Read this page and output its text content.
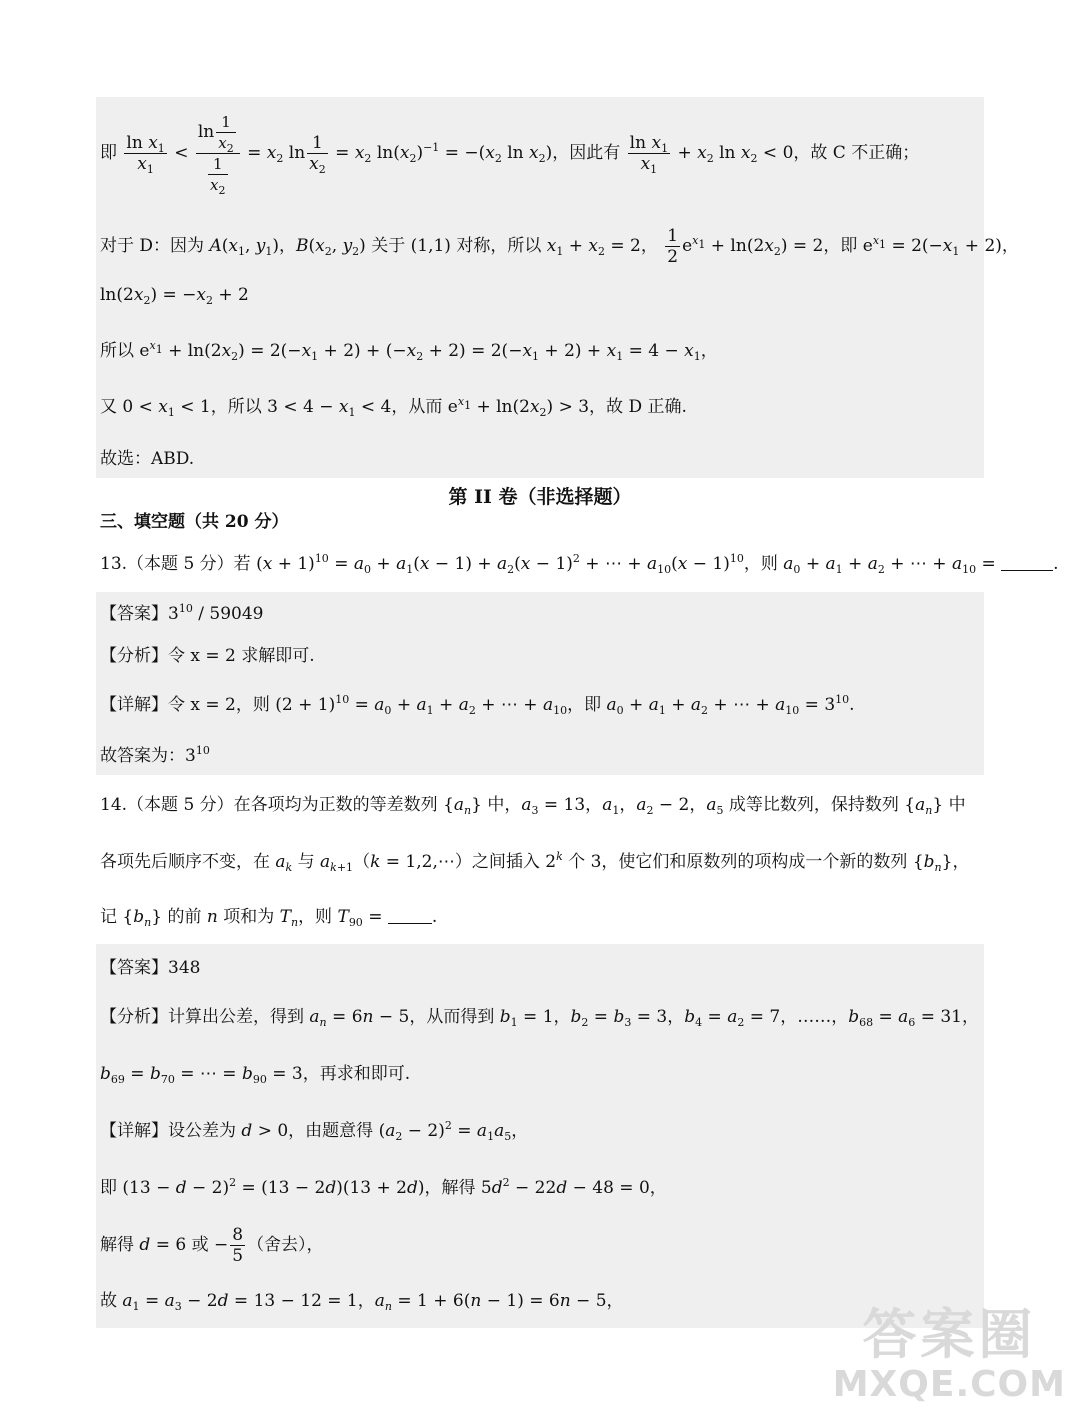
即 $\frac{\ln x_1}{x_1} < \frac{\ln \frac{1}{x_2}}{\frac{1}{x_2}} = x_2$ $\ln \frac{1}{x_2} = x_2$ $\ln(x_2)^{-1} = -(x_2$ $\ln x_2$)，因此有 $\frac{\ln x_1}{x_1} + x_2$ $\ln x_2 < 0$，故 C 不正确；
对于 D：因为 $A(x_1$, $y_1$)，$B(x_2$, $y_2$) 关于 (1,1) 对称，所以 $x_1 + x_2 = 2$， $\frac{1}{2} e^{x_1} + \ln(2x_2) = 2$，即 $e^{x_1} = 2(-x_1 + 2)$，
$\ln(2x_2) = -x_2 + 2$
所以 $e^{x_1} + \ln(2x_2) = 2(-x_1 + 2) + (-x_2 + 2) = 2(-x_1 + 2) + x_1 = 4 - x_1$，
又 $0 < x_1 < 1$，所以 $3 < 4 - x_1 < 4$，从而 $e^{x_1} + \ln(2x_2) > 3$，故 D 正确.
故选：ABD.
第 II 卷（非选择题）
三、填空题（共 20 分）
13.（本题 5 分）若 $(x + 1)^{10} = a_0 + a_1(x - 1) + a_2(x - 1)^2$ + ⋯ + $a_{10}(x - 1)^{10}$，则 $a_0 + a_1 + a_2$ + ⋯ + $a_{10}$ =	.
【答案】$3^{10} / 59049$
【分析】令 x = 2 求解即可.
【详解】令 x = 2，则 $(2 + 1)^{10} = a_0 + a_1 + a_2$ + ⋯ + $a_{10}$，即 $a_0 + a_1 + a_2$ + ⋯ + $a_{10} = 3^{10}$.
故答案为：$3^{10}$
14.（本题 5 分）在各项均为正数的等差数列 $\{a_n\}$ 中，$a_3 = 13$，$a_1$，$a_2 - 2$，$a_5$ 成等比数列，保持数列 $\{a_n\}$ 中
各项先后顺序不变，在 $a_k$ 与 $a_{k+1}(k$ = 1,2,⋯）之间插入 2$^k$ 个 3，使它们和原数列的项构成一个新的数列 $\{b_n\}$，
记 $\{b_n\}$ 的前 n 项和为 $T_n$，则 $T_{90}$ =	.
【答案】348
【分析】计算出公差，得到 $a_n = 6n - 5$，从而得到 $b_1 = 1$，$b_2 = b_3 = 3$，$b_4 = a_2 = 7$，……，$b_{68} = a_6 = 31$，
$b_{69} = b_{70}$ = ⋯ = $b_{90} = 3$，再求和即可.
【详解】设公差为 d > 0，由题意得 $(a_2 - 2)^2 = a_1a_5$，
即 $(13 - d - 2)^2 = (13 - 2d)(13 + 2d)$，解得 $5d^2 - 22d - 48 = 0$，
解得 d = 6 或 − $\frac{8}{5}$ （舍去），
故 $a_1 = a_3 - 2d = 13 - 12 = 1$，$a_n = 1 + 6(n - 1) = 6n - 5$，
答案圈
MXQE.COM
